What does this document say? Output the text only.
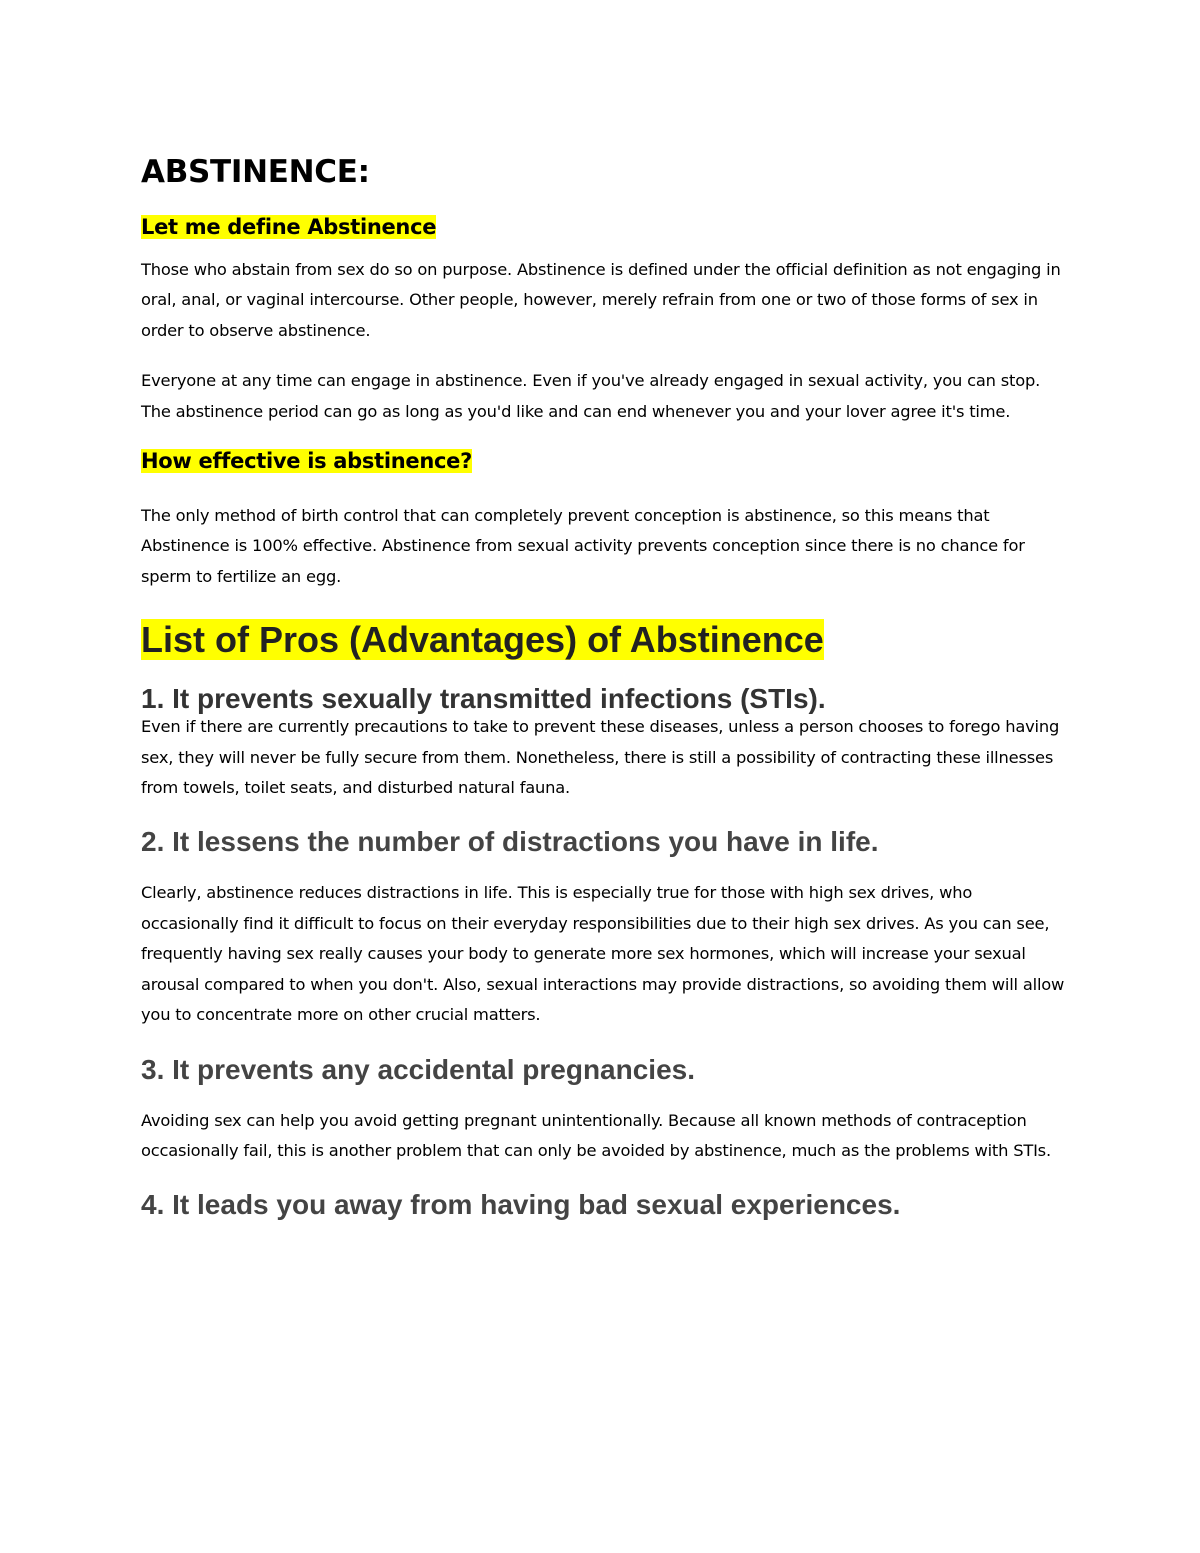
ABSTINENCE:
Let me define Abstinence

Those who abstain from sex do so on purpose. Abstinence is defined under the official definition as not engaging in oral, anal, or vaginal intercourse. Other people, however, merely refrain from one or two of those forms of sex in order to observe abstinence.

Everyone at any time can engage in abstinence. Even if you've already engaged in sexual activity, you can stop. The abstinence period can go as long as you'd like and can end whenever you and your lover agree it's time.

How effective is abstinence?

The only method of birth control that can completely prevent conception is abstinence, so this means that Abstinence is 100% effective. Abstinence from sexual activity prevents conception since there is no chance for sperm to fertilize an egg.

List of Pros (Advantages) of Abstinence
1. It prevents sexually transmitted infections (STIs).

Even if there are currently precautions to take to prevent these diseases, unless a person chooses to forego having sex, they will never be fully secure from them. Nonetheless, there is still a possibility of contracting these illnesses from towels, toilet seats, and disturbed natural fauna.

2. It lessens the number of distractions you have in life.

Clearly, abstinence reduces distractions in life. This is especially true for those with high sex drives, who occasionally find it difficult to focus on their everyday responsibilities due to their high sex drives. As you can see, frequently having sex really causes your body to generate more sex hormones, which will increase your sexual arousal compared to when you don't. Also, sexual interactions may provide distractions, so avoiding them will allow you to concentrate more on other crucial matters.

3. It prevents any accidental pregnancies.

Avoiding sex can help you avoid getting pregnant unintentionally. Because all known methods of contraception occasionally fail, this is another problem that can only be avoided by abstinence, much as the problems with STIs.

4. It leads you away from having bad sexual experiences.
